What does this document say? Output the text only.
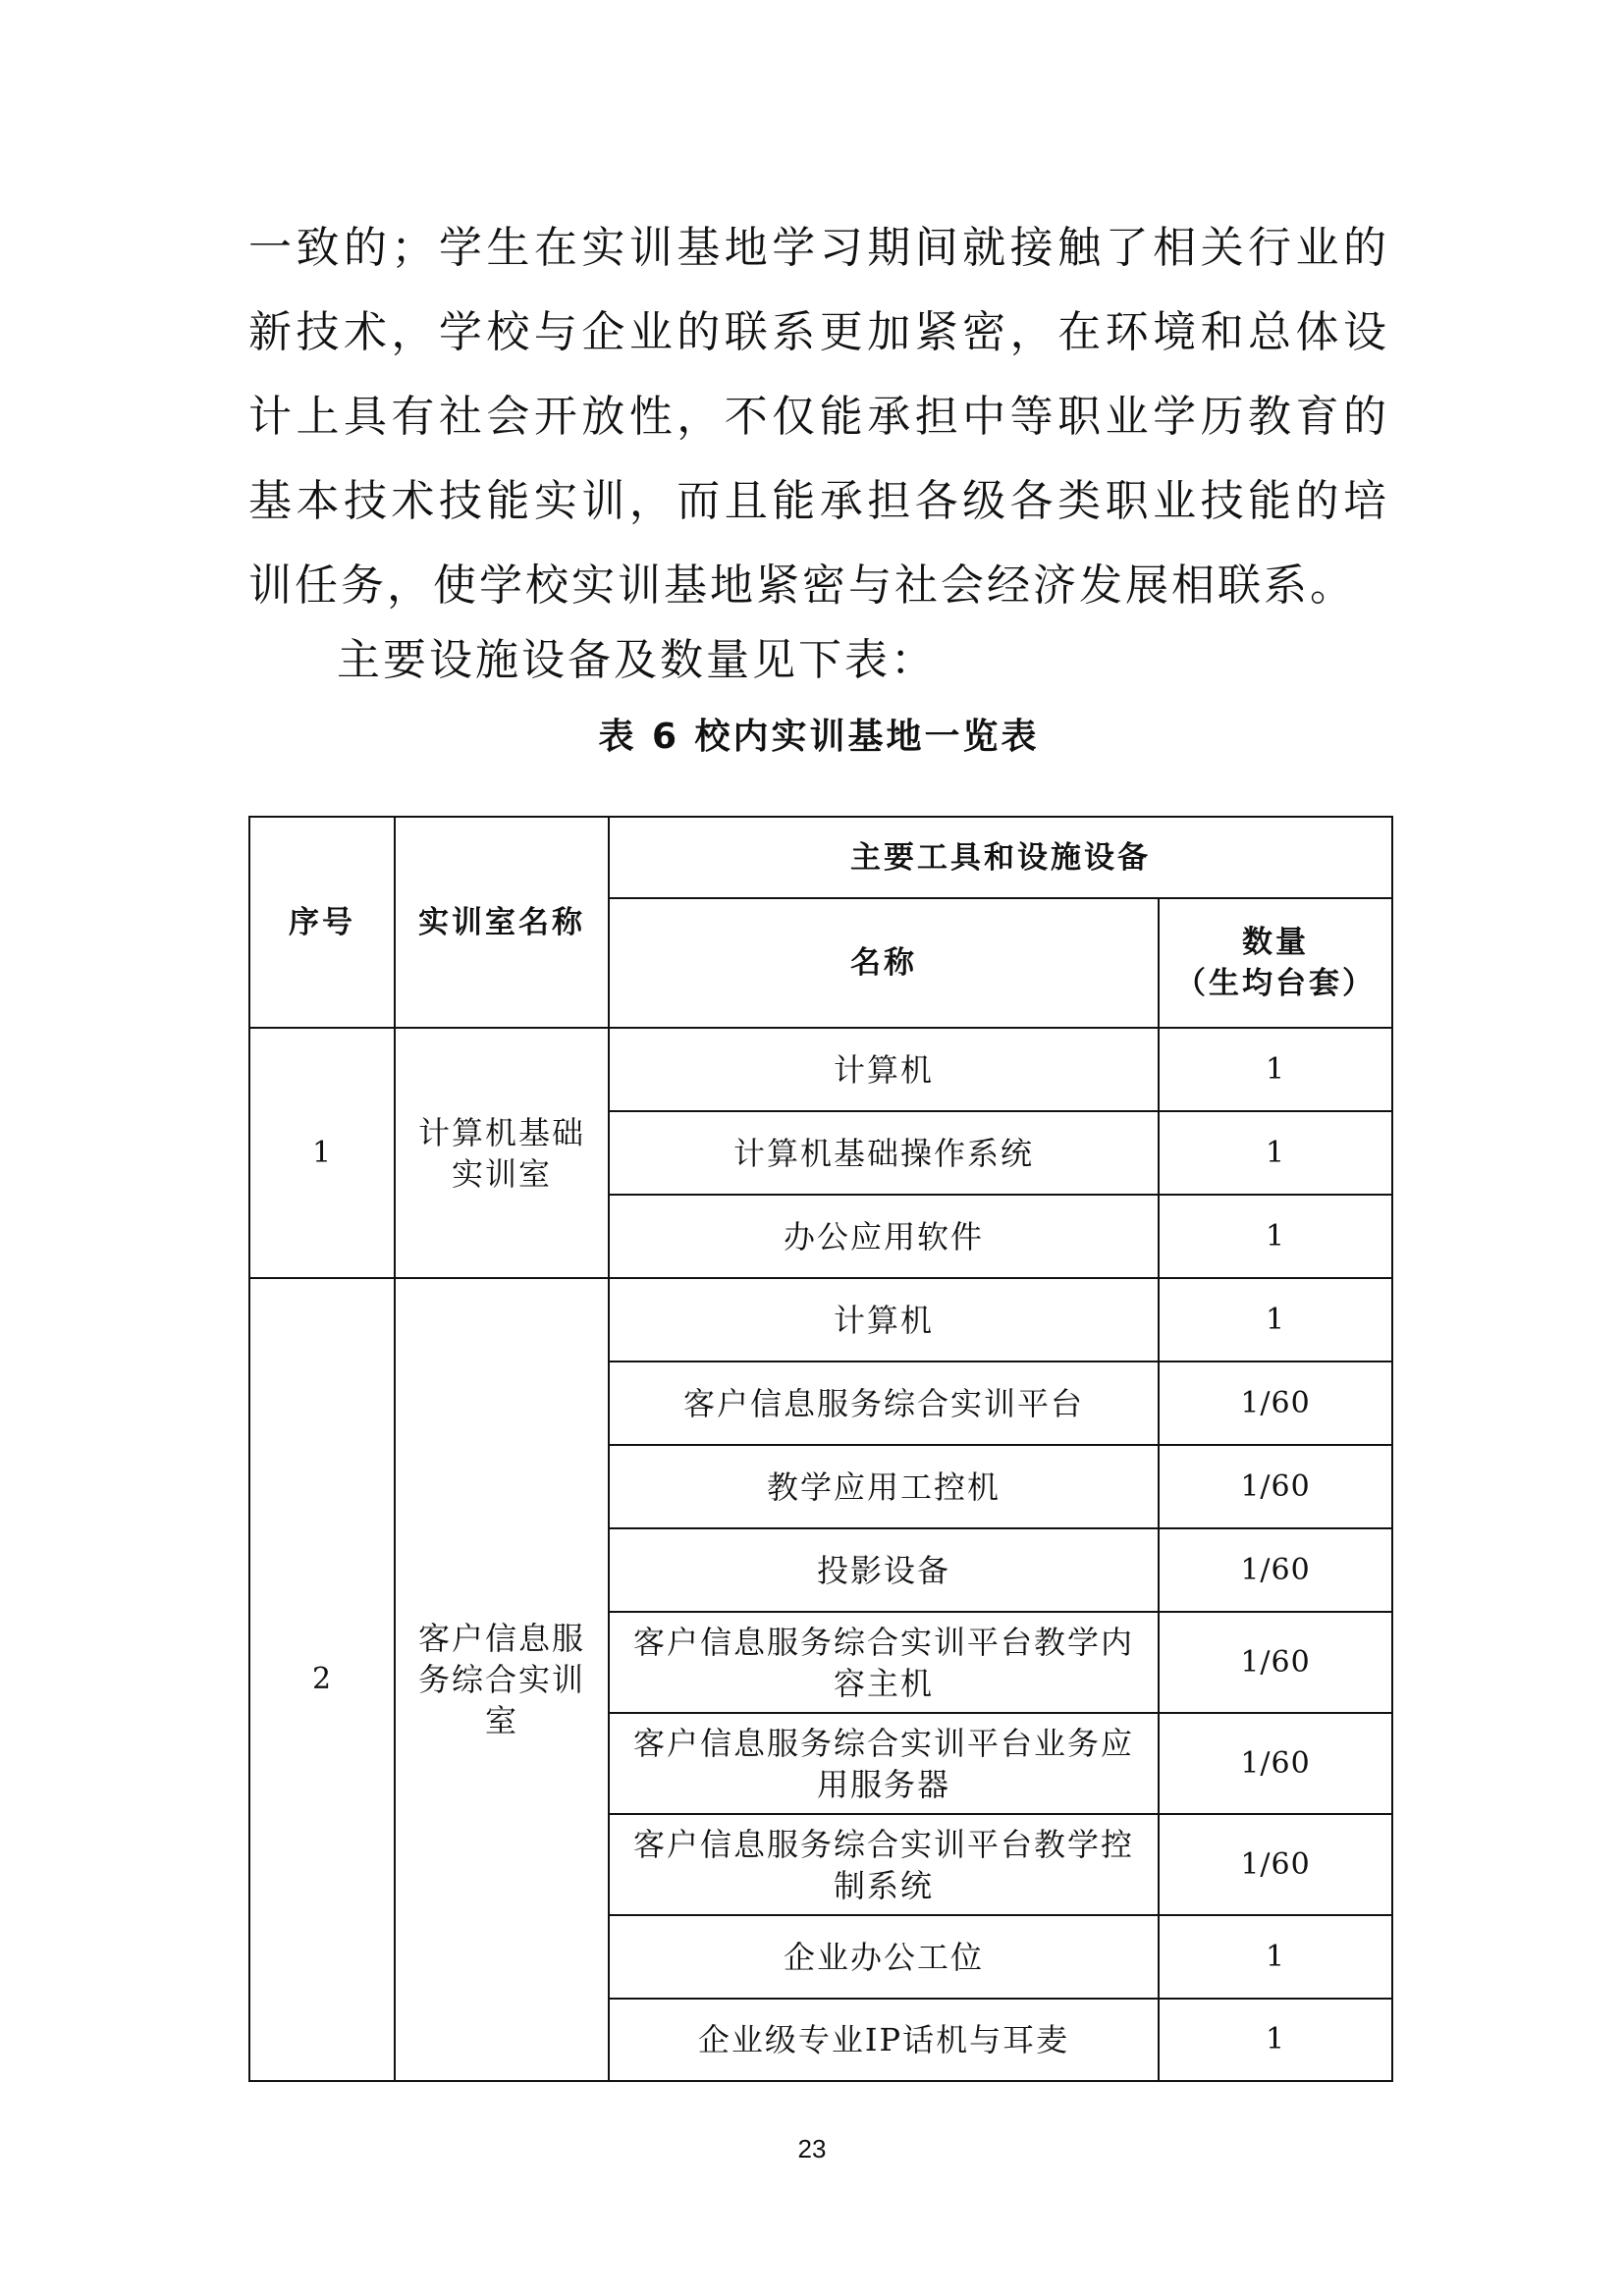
一致的；学生在实训基地学习期间就接触了相关行业的新技术，学校与企业的联系更加紧密，在环境和总体设计上具有社会开放性，不仅能承担中等职业学历教育的基本技术技能实训，而且能承担各级各类职业技能的培训任务，使学校实训基地紧密与社会经济发展相联系。

主要设施设备及数量见下表：

表 6 校内实训基地一览表

序号	实训室名称	主要工具和设施设备	
		名称	数量
（生均台套）

1	计算机基础实训室	计算机	1
		计算机基础操作系统	1
		办公应用软件	1
2	客户信息服务综合实训室	计算机	1
		客户信息服务综合实训平台	1/60
		教学应用工控机	1/60
		投影设备	1/60
		客户信息服务综合实训平台教学内容主机	1/60
		客户信息服务综合实训平台业务应用服务器	1/60
		客户信息服务综合实训平台教学控制系统	1/60
		企业办公工位	1
		企业级专业IP话机与耳麦	1

23
